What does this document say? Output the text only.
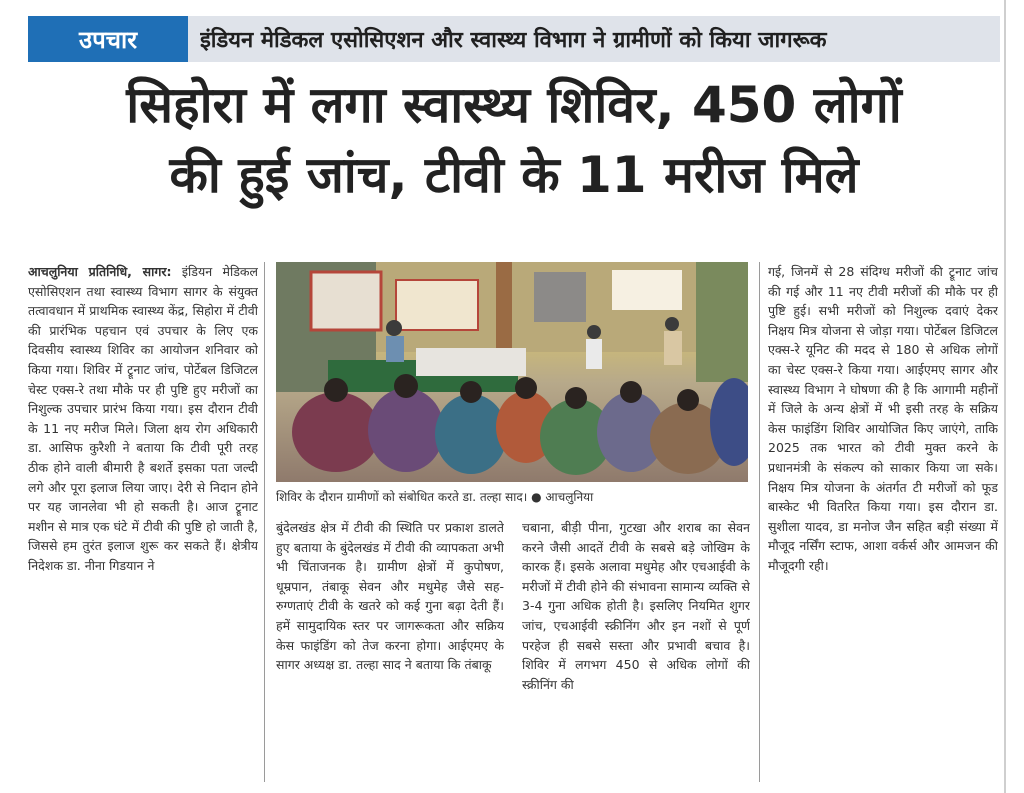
उपचार	इंडियन मेडिकल एसोसिएशन और स्वास्थ्य विभाग ने ग्रामीणों को किया जागरूक
सिहोरा में लगा स्वास्थ्य शिविर, 450 लोगों
की हुई जांच, टीवी के 11 मरीज मिले
आचलुनिया प्रतिनिधि, सागर: इंडियन मेडिकल एसोसिएशन तथा स्वास्थ्य विभाग सागर के संयुक्त तत्वावधान में प्राथमिक स्वास्थ्य केंद्र, सिहोरा में टीवी की प्रारंभिक पहचान एवं उपचार के लिए एक दिवसीय स्वास्थ्य शिविर का आयोजन शनिवार को किया गया। शिविर में ट्रूनाट जांच, पोर्टेबल डिजिटल चेस्ट एक्स-रे तथा मौके पर ही पुष्टि हुए मरीजों का निशुल्क उपचार प्रारंभ किया गया। इस दौरान टीवी के 11 नए मरीज मिले। जिला क्षय रोग अधिकारी डा. आसिफ कुरैशी ने बताया कि टीवी पूरी तरह ठीक होने वाली बीमारी है बशर्ते इसका पता जल्दी लगे और पूरा इलाज लिया जाए। देरी से निदान होने पर यह जानलेवा भी हो सकती है। आज ट्रूनाट मशीन से मात्र एक घंटे में टीवी की पुष्टि हो जाती है, जिससे हम तुरंत इलाज शुरू कर सकते हैं। क्षेत्रीय निदेशक डा. नीना गिडयान ने
शिविर के दौरान ग्रामीणों को संबोधित करते डा. तल्हा साद। ● आचलुनिया
बुंदेलखंड क्षेत्र में टीवी की स्थिति पर प्रकाश डालते हुए बताया के बुंदेलखंड में टीवी की व्यापकता अभी भी चिंताजनक है। ग्रामीण क्षेत्रों में कुपोषण, धूम्रपान, तंबाकू सेवन और मधुमेह जैसे सह-रुग्णताएं टीवी के खतरे को कई गुना बढ़ा देती हैं। हमें सामुदायिक स्तर पर जागरूकता और सक्रिय केस फाइंडिंग को तेज करना होगा। आईएमए के सागर अध्यक्ष डा. तल्हा साद ने बताया कि तंबाकू
चबाना, बीड़ी पीना, गुटखा और शराब का सेवन करने जैसी आदतें टीवी के सबसे बड़े जोखिम के कारक हैं। इसके अलावा मधुमेह और एचआईवी के मरीजों में टीवी होने की संभावना सामान्य व्यक्ति से 3-4 गुना अधिक होती है। इसलिए नियमित शुगर जांच, एचआईवी स्क्रीनिंग और इन नशों से पूर्ण परहेज ही सबसे सस्ता और प्रभावी बचाव है। शिविर में लगभग 450 से अधिक लोगों की स्क्रीनिंग की
गई, जिनमें से 28 संदिग्ध मरीजों की ट्रूनाट जांच की गई और 11 नए टीवी मरीजों की मौके पर ही पुष्टि हुई। सभी मरीजों को निशुल्क दवाएं देकर निक्षय मित्र योजना से जोड़ा गया। पोर्टेबल डिजिटल एक्स-रे यूनिट की मदद से 180 से अधिक लोगों का चेस्ट एक्स-रे किया गया। आईएमए सागर और स्वास्थ्य विभाग ने घोषणा की है कि आगामी महीनों में जिले के अन्य क्षेत्रों में भी इसी तरह के सक्रिय केस फाइंडिंग शिविर आयोजित किए जाएंगे, ताकि 2025 तक भारत को टीवी मुक्त करने के प्रधानमंत्री के संकल्प को साकार किया जा सके। निक्षय मित्र योजना के अंतर्गत टी मरीजों को फूड बास्केट भी वितरित किया गया। इस दौरान डा. सुशीला यादव, डा मनोज जैन सहित बड़ी संख्या में मौजूद नर्सिंग स्टाफ, आशा वर्कर्स और आमजन की मौजूदगी रही।
